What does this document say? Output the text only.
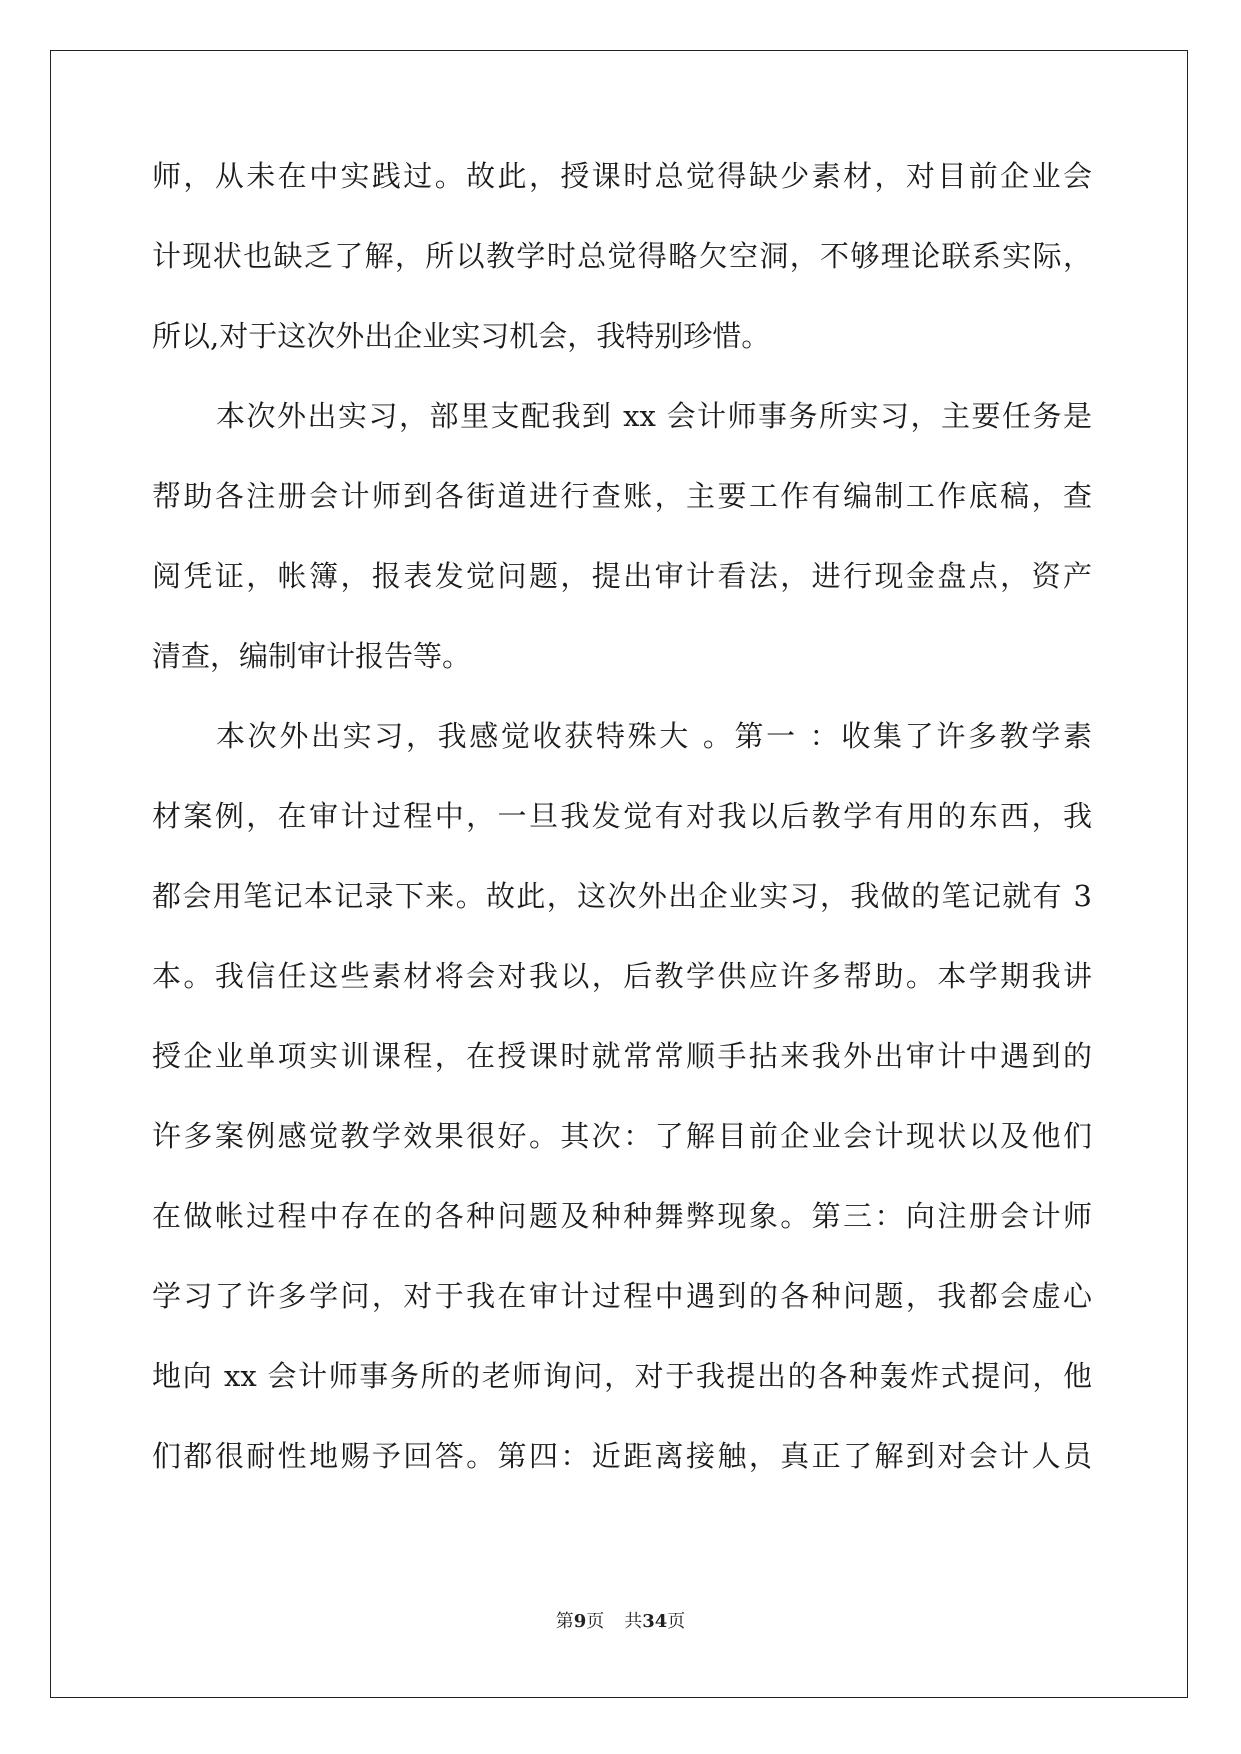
师，从未在中实践过。故此，授课时总觉得缺少素材，对目前企业会
计现状也缺乏了解，所以教学时总觉得略欠空洞，不够理论联系实际，
所以,对于这次外出企业实习机会，我特别珍惜。
本次外出实习，部里支配我到 xx 会计师事务所实习，主要任务是
帮助各注册会计师到各街道进行查账，主要工作有编制工作底稿，查
阅凭证，帐簿，报表发觉问题，提出审计看法，进行现金盘点，资产
清查，编制审计报告等。
本次外出实习，我感觉收获特殊大 。第一 ：收集了许多教学素
材案例，在审计过程中，一旦我发觉有对我以后教学有用的东西，我
都会用笔记本记录下来。故此，这次外出企业实习，我做的笔记就有 3
本。我信任这些素材将会对我以，后教学供应许多帮助。本学期我讲
授企业单项实训课程，在授课时就常常顺手拈来我外出审计中遇到的
许多案例感觉教学效果很好。其次：了解目前企业会计现状以及他们
在做帐过程中存在的各种问题及种种舞弊现象。第三：向注册会计师
学习了许多学问，对于我在审计过程中遇到的各种问题，我都会虚心
地向 xx 会计师事务所的老师询问，对于我提出的各种轰炸式提问，他
们都很耐性地赐予回答。第四：近距离接触，真正了解到对会计人员
第9页 共34页
